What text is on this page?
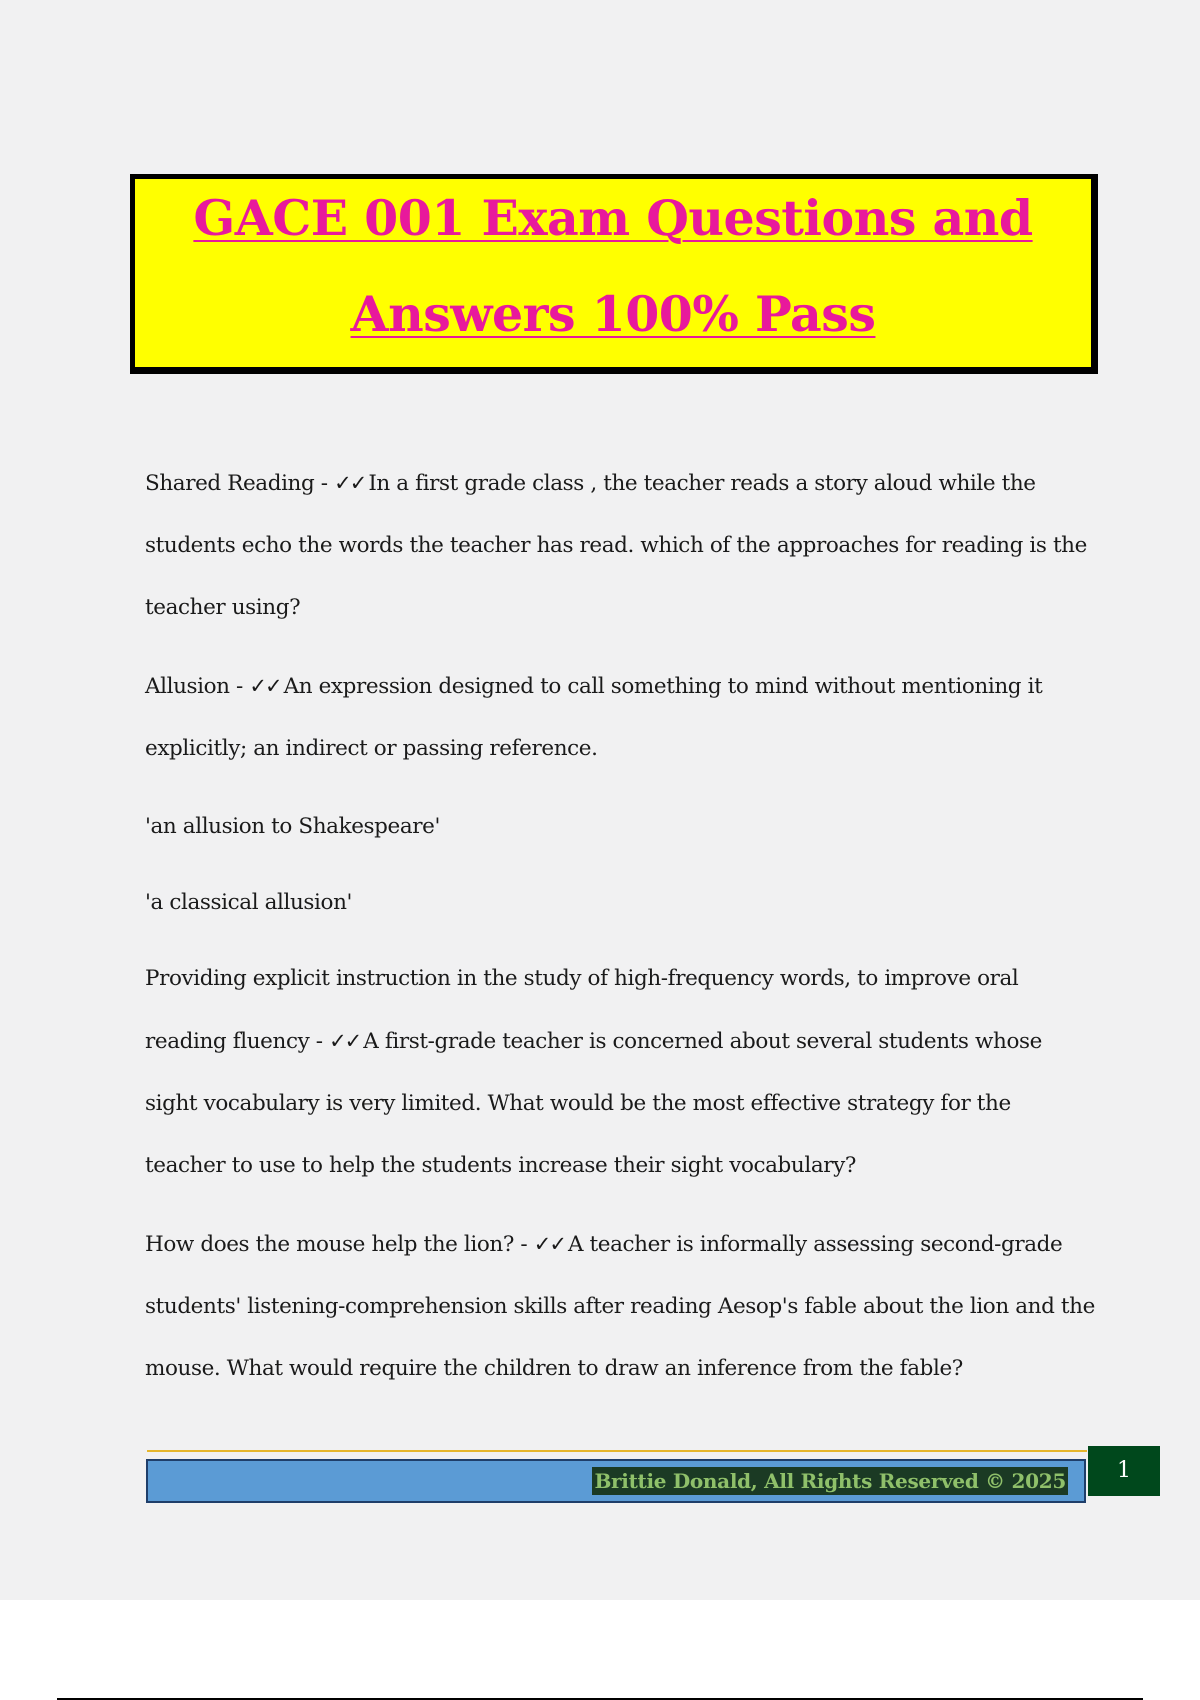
GACE 001 Exam Questions and
Answers 100% Pass

Shared Reading - ✓✓ In a first grade class , the teacher reads a story aloud while the students echo the words the teacher has read. which of the approaches for reading is the teacher using?

Allusion - ✓✓ An expression designed to call something to mind without mentioning it explicitly; an indirect or passing reference.

'an allusion to Shakespeare'

'a classical allusion'

Providing explicit instruction in the study of high-frequency words, to improve oral reading fluency - ✓✓ A first-grade teacher is concerned about several students whose sight vocabulary is very limited. What would be the most effective strategy for the teacher to use to help the students increase their sight vocabulary?

How does the mouse help the lion? - ✓✓ A teacher is informally assessing second-grade students' listening-comprehension skills after reading Aesop's fable about the lion and the mouse. What would require the children to draw an inference from the fable?

Brittie Donald, All Rights Reserved © 2025	1
